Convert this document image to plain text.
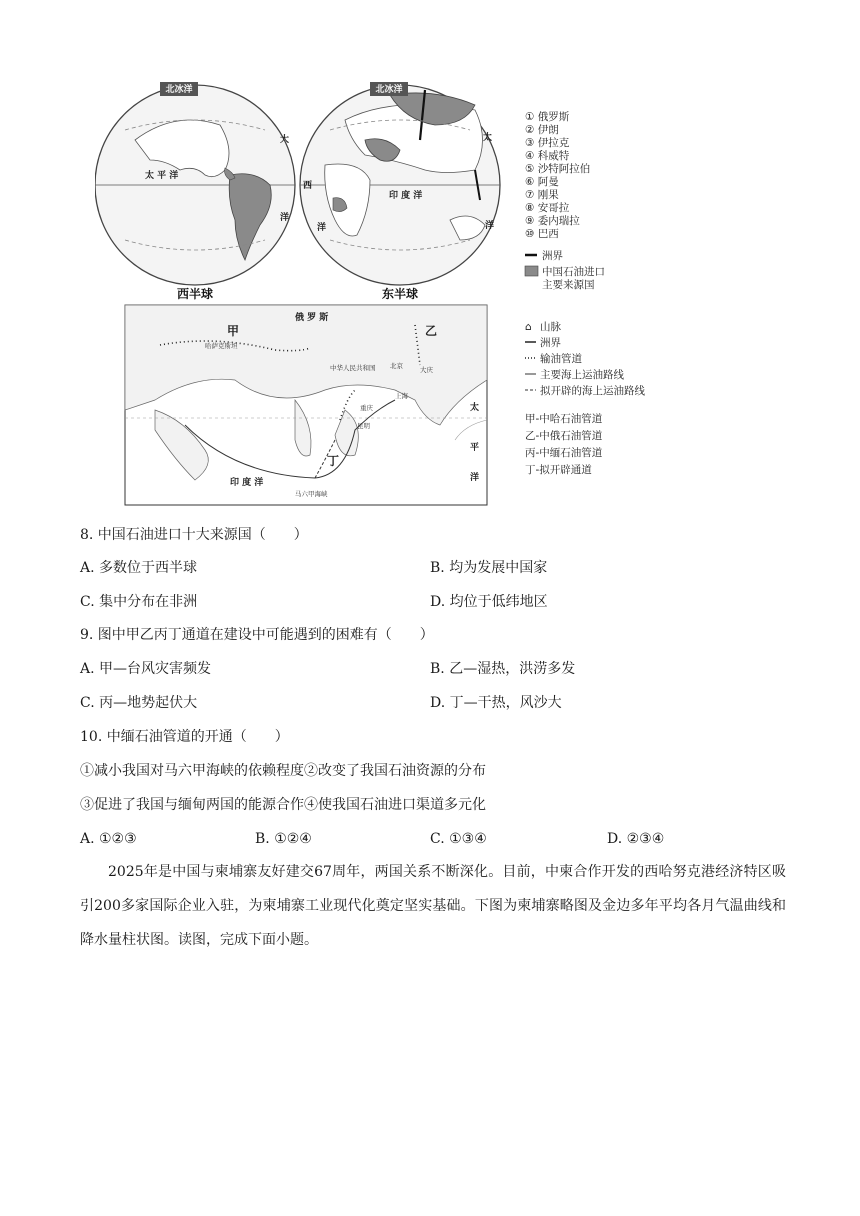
北冰洋
太 平 洋
大
洋
西半球
北冰洋
太
洋
印 度 洋
西
洋
东半球
① 俄罗斯
② 伊朗
③ 伊拉克
④ 科威特
⑤ 沙特阿拉伯
⑥ 阿曼
⑦ 刚果
⑧ 安哥拉
⑨ 委内瑞拉
⑩ 巴西
洲界
中国石油进口
主要来源国
俄 罗 斯
中华人民共和国
甲	乙
丁
印 度 洋
太
平
洋
哈萨克斯坦
大庆
北京
上海
昆明
重庆
马六甲海峡
⌂ 山脉
洲界
输油管道
主要海上运油路线
拟开辟的海上运油路线
甲-中哈石油管道
乙-中俄石油管道
丙-中缅石油管道
丁-拟开辟通道
8. 中国石油进口十大来源国（　　）
A. 多数位于西半球	B. 均为发展中国家
C. 集中分布在非洲	D. 均位于低纬地区
9. 图中甲乙丙丁通道在建设中可能遇到的困难有（　　）
A. 甲—台风灾害频发	B. 乙—湿热，洪涝多发
C. 丙—地势起伏大	D. 丁—干热，风沙大
10. 中缅石油管道的开通（　　）
①减小我国对马六甲海峡的依赖程度②改变了我国石油资源的分布
③促进了我国与缅甸两国的能源合作④使我国石油进口渠道多元化
A. ①②③	B. ①②④	C. ①③④	D. ②③④
2025年是中国与柬埔寨友好建交67周年，两国关系不断深化。目前，中柬合作开发的西哈努克港经济特区吸引200多家国际企业入驻，为柬埔寨工业现代化奠定坚实基础。下图为柬埔寨略图及金边多年平均各月气温曲线和降水量柱状图。读图，完成下面小题。
